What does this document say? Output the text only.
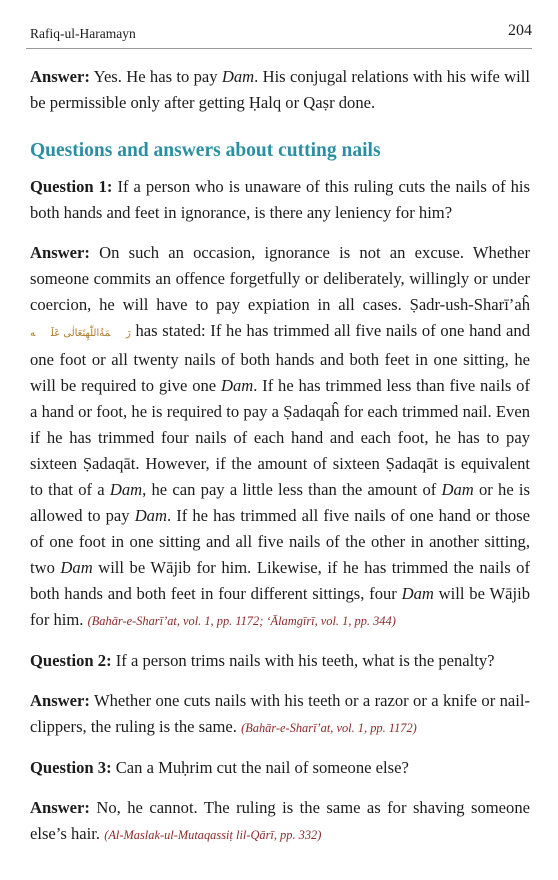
Rafiq-ul-Haramayn	204

Answer: Yes. He has to pay Dam. His conjugal relations with his wife will be permissible only after getting Ḥalq or Qaṣr done.

Questions and answers about cutting nails

Question 1: If a person who is unaware of this ruling cuts the nails of his both hands and feet in ignorance, is there any leniency for him?

Answer: On such an occasion, ignorance is not an excuse. Whether someone commits an offence forgetfully or deliberately, willingly or under coercion, he will have to pay expiation in all cases. Ṣadr-ush-Sharī’aĥ رَحۡمَةُاللّٰهِتَعَالٰی عَلَيۡه has stated: If he has trimmed all five nails of one hand and one foot or all twenty nails of both hands and both feet in one sitting, he will be required to give one Dam. If he has trimmed less than five nails of a hand or foot, he is required to pay a Ṣadaqaĥ for each trimmed nail. Even if he has trimmed four nails of each hand and each foot, he has to pay sixteen Ṣadaqāt. However, if the amount of sixteen Ṣadaqāt is equivalent to that of a Dam, he can pay a little less than the amount of Dam or he is allowed to pay Dam. If he has trimmed all five nails of one hand or those of one foot in one sitting and all five nails of the other in another sitting, two Dam will be Wājib for him. Likewise, if he has trimmed the nails of both hands and both feet in four different sittings, four Dam will be Wājib for him. (Bahār-e-Sharī’at, vol. 1, pp. 1172; ‘Ālamgīrī, vol. 1, pp. 344)

Question 2: If a person trims nails with his teeth, what is the penalty?

Answer: Whether one cuts nails with his teeth or a razor or a knife or nail-clippers, the ruling is the same. (Bahār-e-Sharī’at, vol. 1, pp. 1172)

Question 3: Can a Muḥrim cut the nail of someone else?

Answer: No, he cannot. The ruling is the same as for shaving someone else’s hair. (Al-Maslak-ul-Mutaqassiṭ lil-Qārī, pp. 332)
